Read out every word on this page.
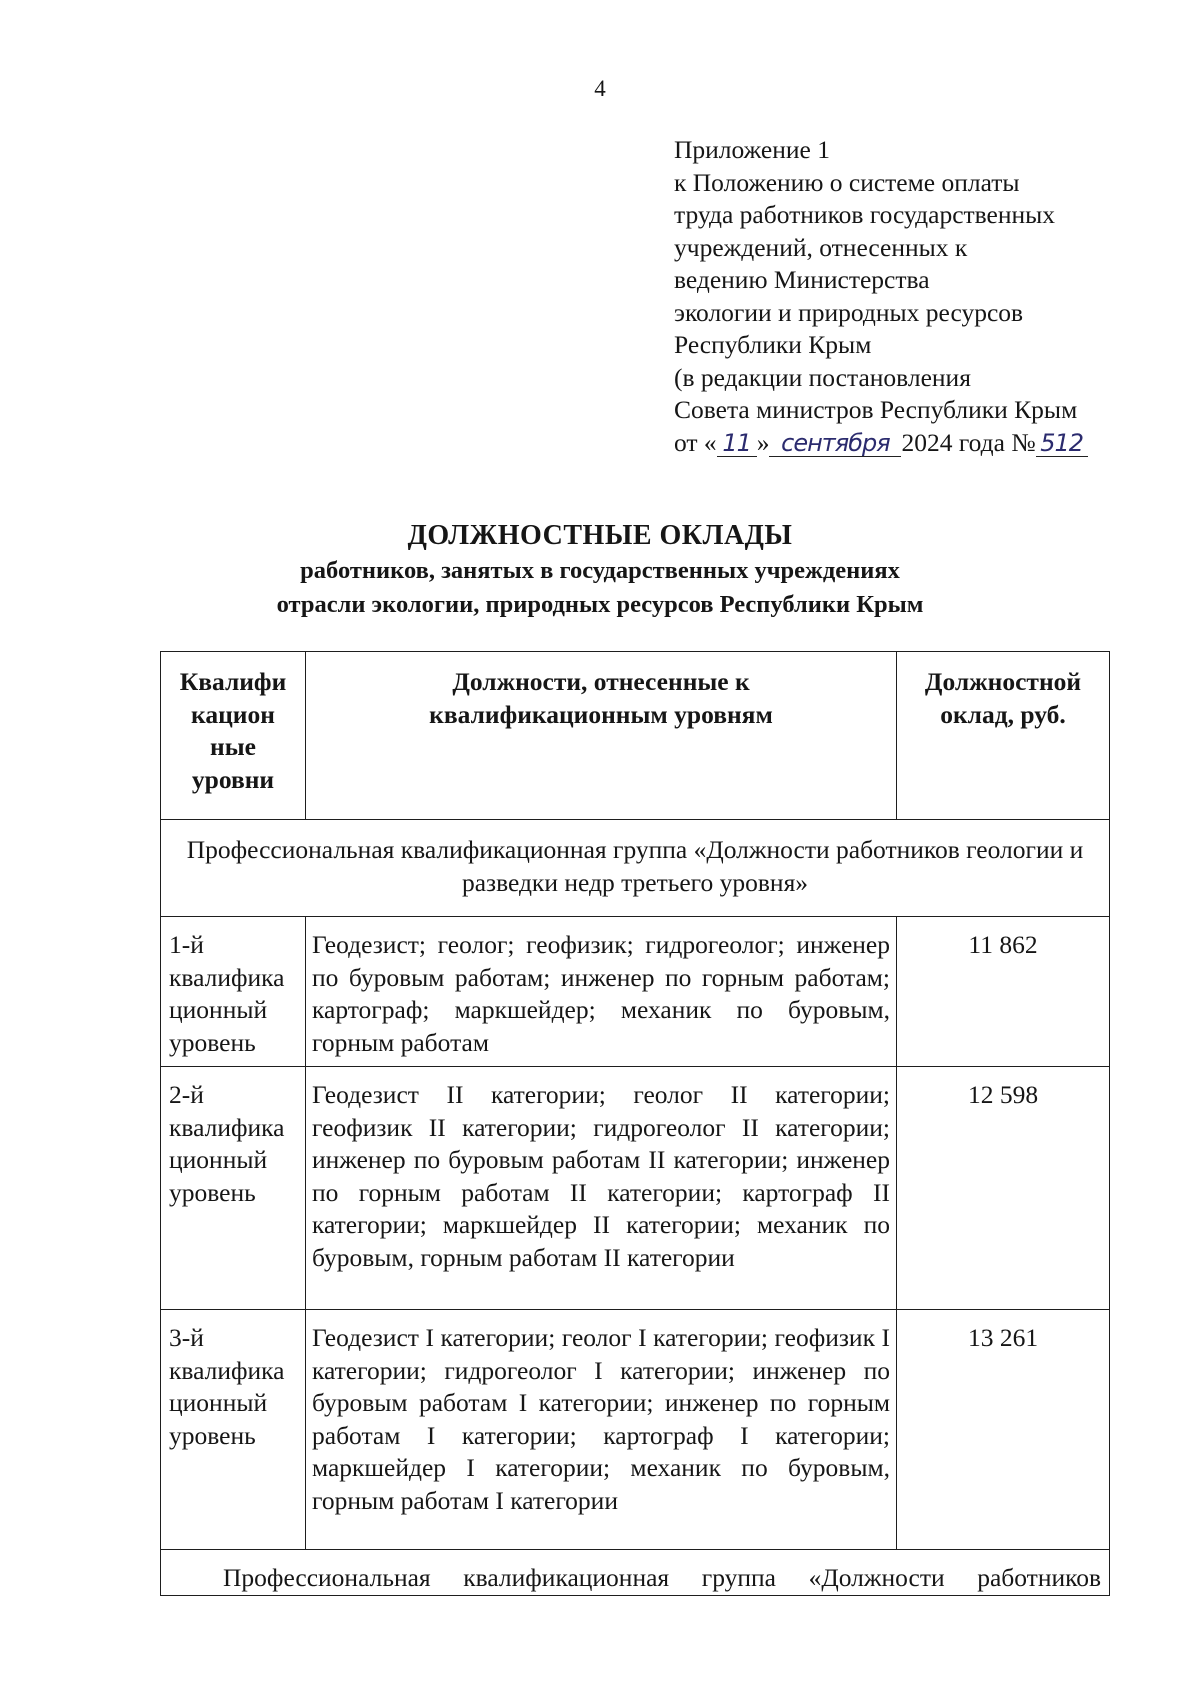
4
Приложение 1
к Положению о системе оплаты
труда работников государственных
учреждений, отнесенных к
ведению Министерства
экологии и природных ресурсов
Республики Крым
(в редакции постановления
Совета министров Республики Крым
от « 11 » сентября 2024 года № 512
ДОЛЖНОСТНЫЕ ОКЛАДЫ
работников, занятых в государственных учреждениях
отрасли экологии, природных ресурсов Республики Крым
Квалифи кацион ные уровни	Должности, отнесенные к квалификационным уровням	Должностной оклад, руб.
Профессиональная квалификационная группа «Должности работников геологии и разведки недр третьего уровня»		
1-й квалифика ционный уровень	Геодезист; геолог; геофизик; гидрогеолог; инженер по буровым работам; инженер по горным работам; картограф; маркшейдер; механик по буровым, горным работам	11 862
2-й квалифика ционный уровень	Геодезист II категории; геолог II категории; геофизик II категории; гидрогеолог II категории; инженер по буровым работам II категории; инженер по горным работам II категории; картограф II категории; маркшейдер II категории; механик по буровым, горным работам II категории	12 598
3-й квалифика ционный уровень	Геодезист I категории; геолог I категории; геофизик I категории; гидрогеолог I категории; инженер по буровым работам I категории; инженер по горным работам I категории; картограф I категории; маркшейдер I категории; механик по буровым, горным работам I категории	13 261
Профессиональная квалификационная группа «Должности работников		
